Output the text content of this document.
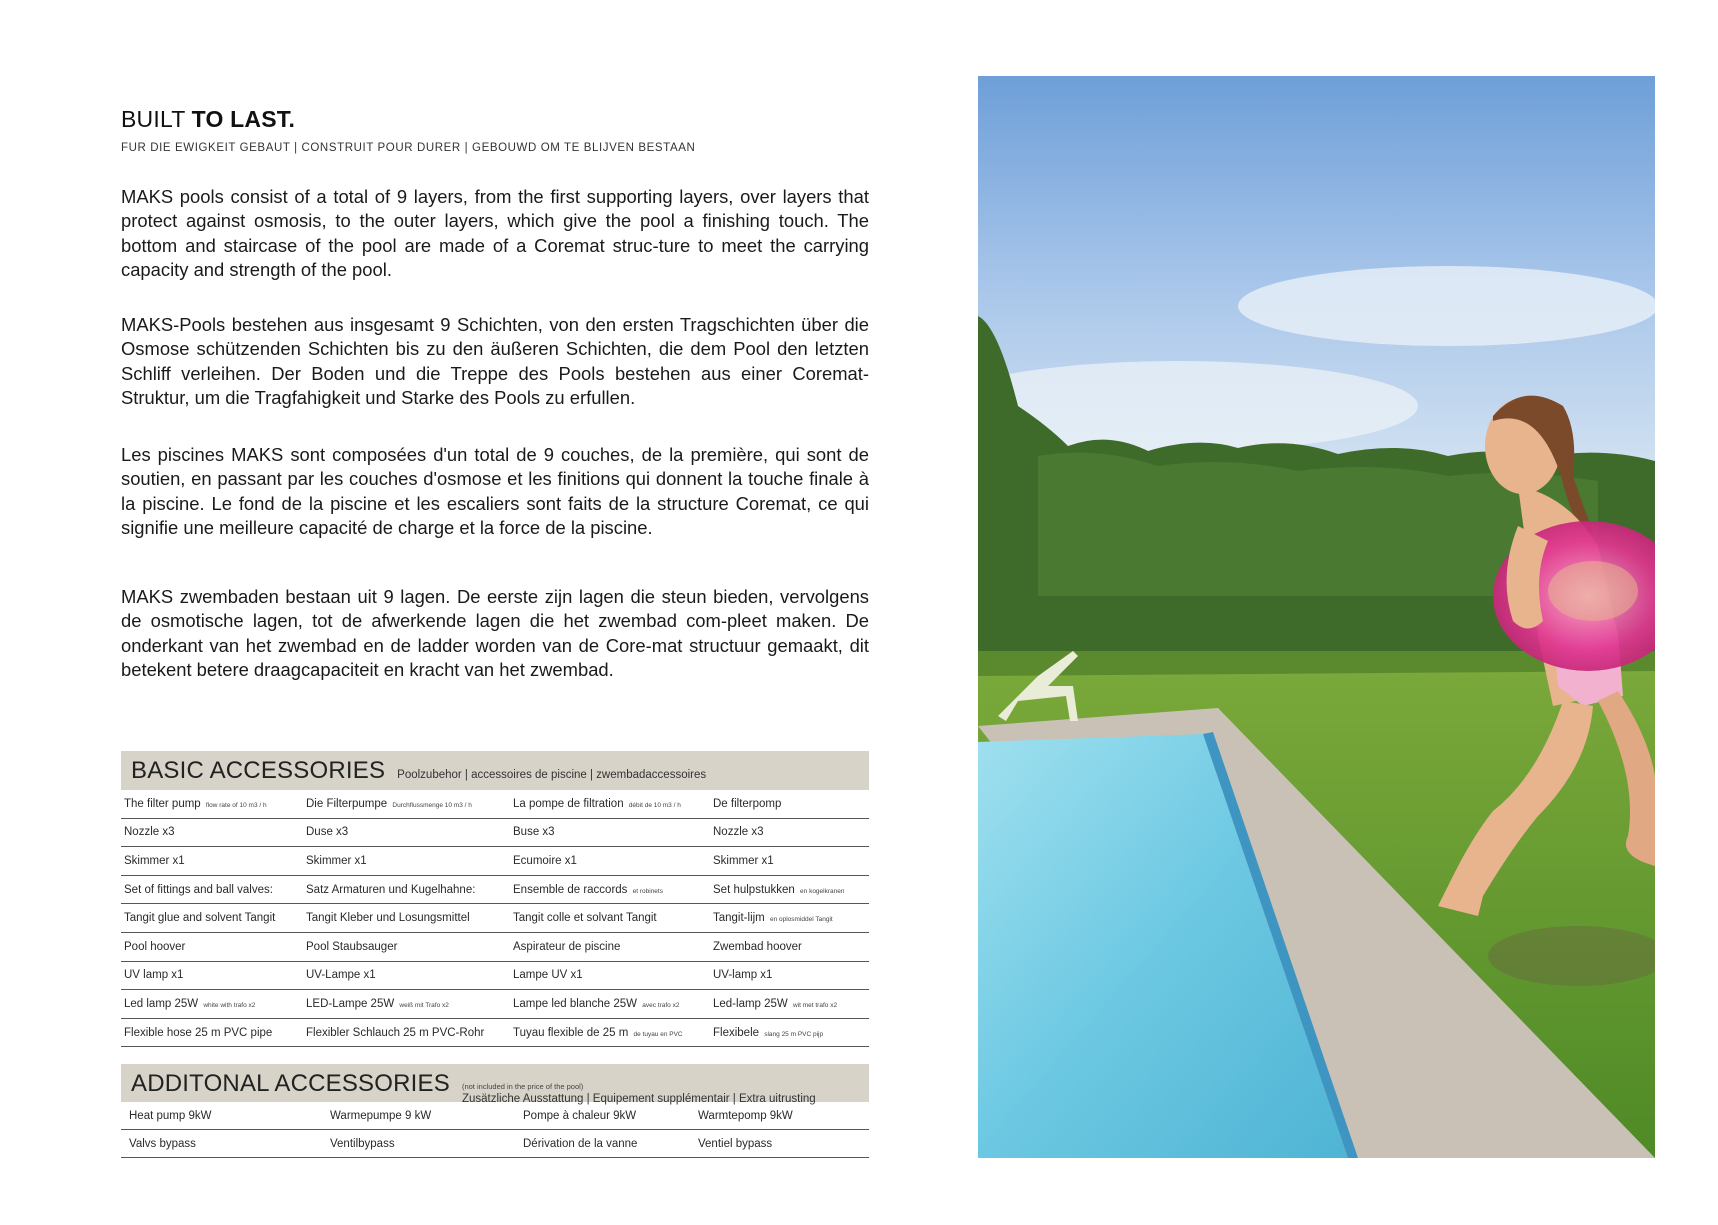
BUILT TO LAST.
FUR DIE EWIGKEIT GEBAUT | CONSTRUIT POUR DURER | GEBOUWD OM TE BLIJVEN BESTAAN

MAKS pools consist of a total of 9 layers, from the first supporting layers, over layers that protect against osmosis, to the outer layers, which give the pool a finishing touch. The bottom and staircase of the pool are made of a Coremat struc-ture to meet the carrying capacity and strength of the pool.

MAKS-Pools bestehen aus insgesamt 9 Schichten, von den ersten Tragschichten über die Osmose schützenden Schichten bis zu den äußeren Schichten, die dem Pool den letzten Schliff verleihen. Der Boden und die Treppe des Pools bestehen aus einer Coremat-Struktur, um die Tragfahigkeit und Starke des Pools zu erfullen.

Les piscines MAKS sont composées d'un total de 9 couches, de la première, qui sont de soutien, en passant par les couches d'osmose et les finitions qui donnent la touche finale à la piscine. Le fond de la piscine et les escaliers sont faits de la structure Coremat, ce qui signifie une meilleure capacité de charge et la force de la piscine.

MAKS zwembaden bestaan uit 9 lagen. De eerste zijn lagen die steun bieden, vervolgens de osmotische lagen, tot de afwerkende lagen die het zwembad com-pleet maken. De onderkant van het zwembad en de ladder worden van de Core-mat structuur gemaakt, dit betekent betere draagcapaciteit en kracht van het zwembad.

BASIC ACCESSORIES Poolzubehor | accessoires de piscine | zwembadaccessoires
The filter pump flow rate of 10 m3 / h	Die Filterpumpe Durchflussmenge 10 m3 / h	La pompe de filtration débit de 10 m3 / h	De filterpomp
Nozzle x3	Duse x3	Buse x3	Nozzle x3
Skimmer x1	Skimmer x1	Écumoire x1	Skimmer x1
Set of fittings and ball valves:	Satz Armaturen und Kugelhahne:	Ensemble de raccords et robinets	Set hulpstukken en kogelkranen
Tangit glue and solvent Tangit	Tangit Kleber und Losungsmittel	Tangit colle et solvant Tangit	Tangit-lijm en oplosmiddel Tangit
Pool hoover	Pool Staubsauger	Aspirateur de piscine	Zwembad hoover
UV lamp x1	UV-Lampe x1	Lampe UV x1	UV-lamp x1
Led lamp 25W white with trafo x2	LED-Lampe 25W weiß mit Trafo x2	Lampe led blanche 25W avec trafo x2	Led-lamp 25W wit met trafo x2
Flexible hose 25 m PVC pipe	Flexibler Schlauch 25 m PVC-Rohr	Tuyau flexible de 25 m de tuyau en PVC	Flexibele slang 25 m PVC pijp
ADDITONAL ACCESSORIES (not included in the price of the pool)
Zusätzliche Ausstattung | Equipement supplémentair | Extra uitrusting
Heat pump 9kW	Warmepumpe 9 kW	Pompe à chaleur 9kW	Warmtepomp 9kW
Valvs bypass	Ventilbypass	Dérivation de la vanne	Ventiel bypass
